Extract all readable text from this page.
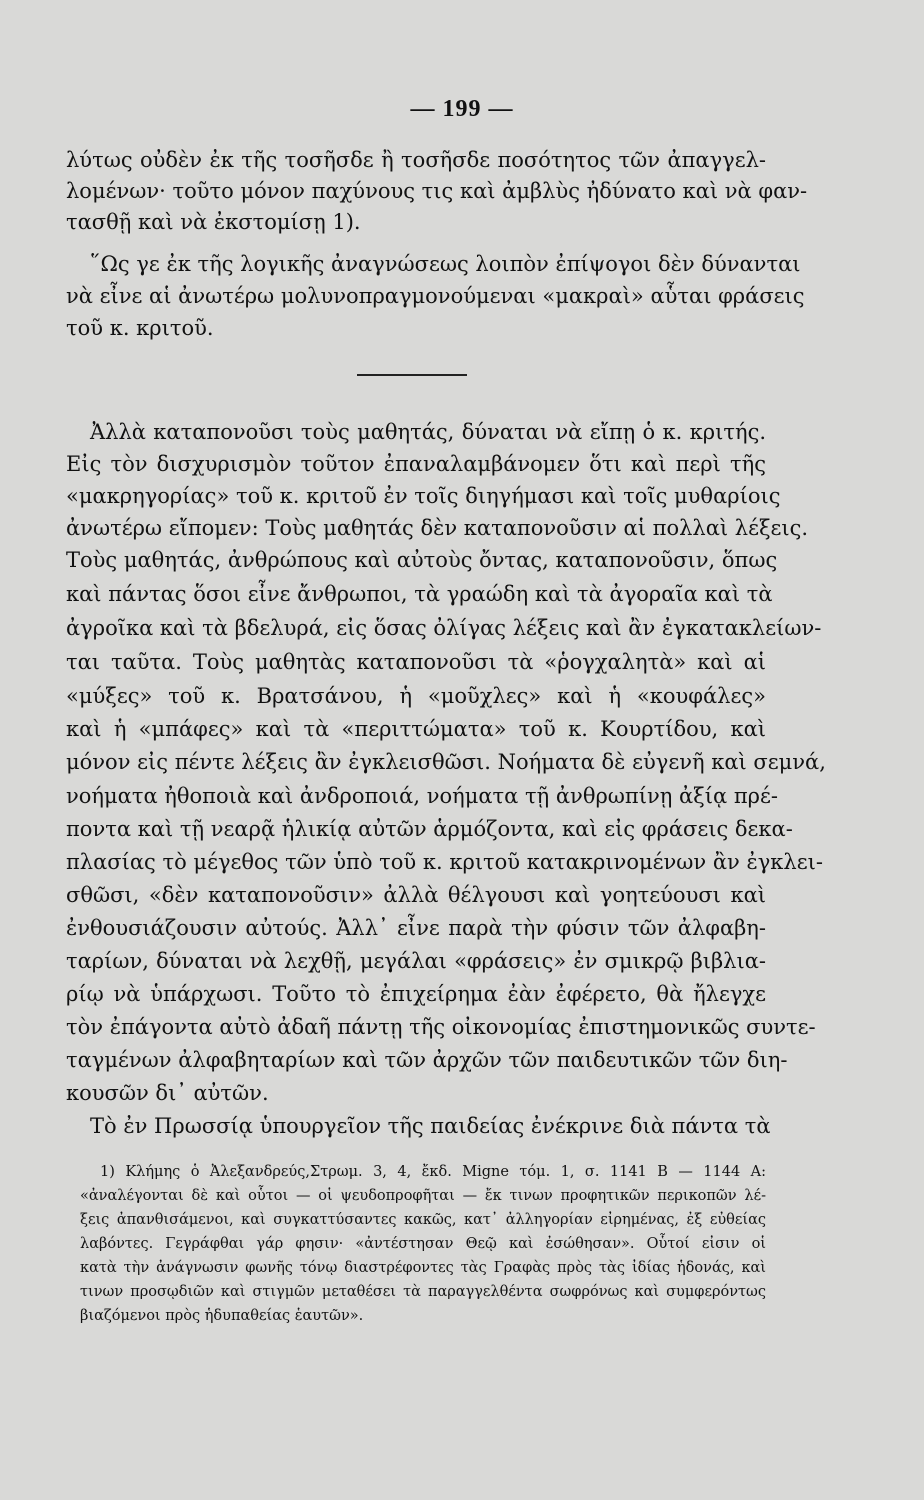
— 199 —
λύτως οὐδὲν ἐκ τῆς τοσῆσδε ἢ τοσῆσδε ποσότητος τῶν ἀπαγγελ-
λομένων· τοῦτο μόνον παχύνους τις καὶ ἀμβλὺς ἠδύνατο καὶ νὰ φαν-
τασθῇ καὶ νὰ ἐκστομίσῃ 1).
῞Ως γε ἐκ τῆς λογικῆς ἀναγνώσεως λοιπὸν ἐπίψογοι δὲν δύνανται
νὰ εἶνε αἱ ἀνωτέρω μολυνοπραγμονούμεναι «μακραὶ» αὗται φράσεις
τοῦ κ. κριτοῦ.
Ἀλλὰ καταπονοῦσι τοὺς μαθητάς, δύναται νὰ εἴπῃ ὁ κ. κριτής.
Εἰς τὸν δισχυρισμὸν τοῦτον ἐπαναλαμβάνομεν ὅτι καὶ περὶ τῆς
«μακρηγορίας» τοῦ κ. κριτοῦ ἐν τοῖς διηγήμασι καὶ τοῖς μυθαρίοις
ἀνωτέρω εἴπομεν: Τοὺς μαθητάς δὲν καταπονοῦσιν αἱ πολλαὶ λέξεις.
Τοὺς μαθητάς, ἀνθρώπους καὶ αὐτοὺς ὄντας, καταπονοῦσιν, ὅπως
καὶ πάντας ὅσοι εἶνε ἄνθρωποι, τὰ γραώδη καὶ τὰ ἀγοραῖα καὶ τὰ
ἀγροῖκα καὶ τὰ βδελυρά, εἰς ὅσας ὀλίγας λέξεις καὶ ἂν ἐγκατακλείων-
ται ταῦτα. Τοὺς μαθητὰς καταπονοῦσι τὰ «ῥογχαλητὰ» καὶ αἱ
«μύξες» τοῦ κ. Βρατσάνου, ἡ «μοῦχλες» καὶ ἡ «κουφάλες»
καὶ ἡ «μπάφες» καὶ τὰ «περιττώματα» τοῦ κ. Κουρτίδου, καὶ
μόνον εἰς πέντε λέξεις ἂν ἐγκλεισθῶσι. Νοήματα δὲ εὐγενῆ καὶ σεμνά,
νοήματα ἠθοποιὰ καὶ ἀνδροποιά, νοήματα τῇ ἀνθρωπίνῃ ἀξίᾳ πρέ-
ποντα καὶ τῇ νεαρᾷ ἡλικίᾳ αὐτῶν ἁρμόζοντα, καὶ εἰς φράσεις δεκα-
πλασίας τὸ μέγεθος τῶν ὑπὸ τοῦ κ. κριτοῦ κατακρινομένων ἂν ἐγκλει-
σθῶσι, «δὲν καταπονοῦσιν» ἀλλὰ θέλγουσι καὶ γοητεύουσι καὶ
ἐνθουσιάζουσιν αὐτούς. Ἀλλ᾿ εἶνε παρὰ τὴν φύσιν τῶν ἀλφαβη-
ταρίων, δύναται νὰ λεχθῇ, μεγάλαι «φράσεις» ἐν σμικρῷ βιβλια-
ρίῳ νὰ ὑπάρχωσι. Τοῦτο τὸ ἐπιχείρημα ἐὰν ἐφέρετο, θὰ ἤλεγχε
τὸν ἐπάγοντα αὐτὸ ἀδαῆ πάντῃ τῆς οἰκονομίας ἐπιστημονικῶς συντε-
ταγμένων ἀλφαβηταρίων καὶ τῶν ἀρχῶν τῶν παιδευτικῶν τῶν διη-
κουσῶν δι᾿ αὐτῶν.
Τὸ ἐν Πρωσσίᾳ ὑπουργεῖον τῆς παιδείας ἐνέκρινε διὰ πάντα τὰ
1) Κλήμης ὁ Ἀλεξανδρεύς,Στρωμ. 3, 4, ἔκδ. Migne τόμ. 1, σ. 1141 Β — 1144 Α:
«ἀναλέγονται δὲ καὶ οὗτοι — οἱ ψευδοπροφῆται — ἔκ τινων προφητικῶν περικοπῶν λέ-
ξεις ἀπανθισάμενοι, καὶ συγκαττύσαντες κακῶς, κατ᾿ ἀλληγορίαν εἰρημένας, ἐξ εὐθείας
λαβόντες. Γεγράφθαι γάρ φησιν· «ἀντέστησαν Θεῷ καὶ ἐσώθησαν». Οὗτοί εἰσιν οἱ
κατὰ τὴν ἀνάγνωσιν φωνῆς τόνῳ διαστρέφοντες τὰς Γραφὰς πρὸς τὰς ἰδίας ἡδονάς, καὶ
τινων προσῳδιῶν καὶ στιγμῶν μεταθέσει τὰ παραγγελθέντα σωφρόνως καὶ συμφερόντως
βιαζόμενοι πρὸς ἡδυπαθείας ἑαυτῶν».
